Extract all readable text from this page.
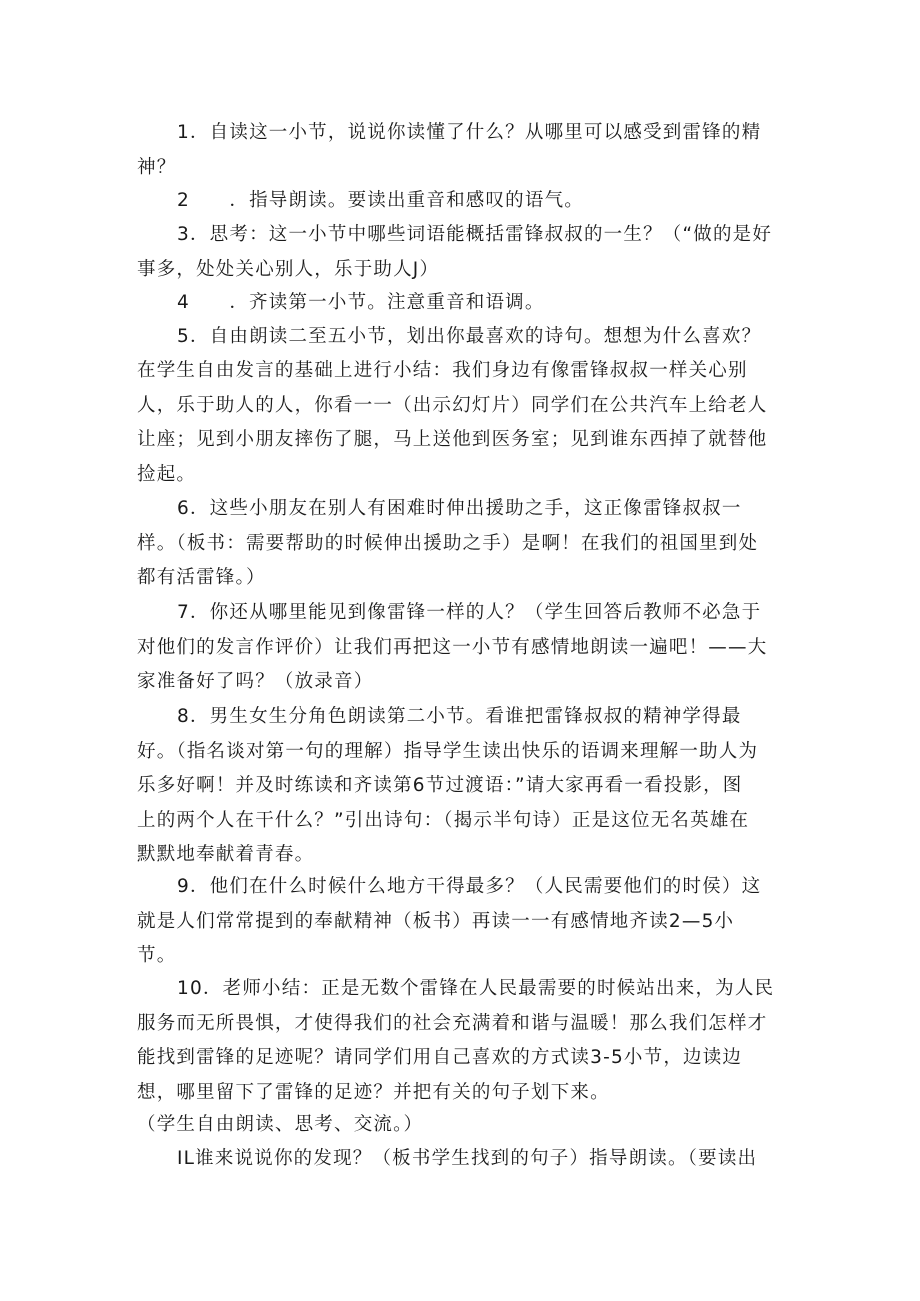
1．自读这一小节，说说你读懂了什么？从哪里可以感受到雷锋的精
神？
2　　．指导朗读。要读出重音和感叹的语气。
3．思考：这一小节中哪些词语能概括雷锋叔叔的一生？（“做的是好
事多，处处关心别人，乐于助人J）
4　　．齐读第一小节。注意重音和语调。
5．自由朗读二至五小节，划出你最喜欢的诗句。想想为什么喜欢？
在学生自由发言的基础上进行小结：我们身边有像雷锋叔叔一样关心别
人，乐于助人的人，你看一一（出示幻灯片）同学们在公共汽车上给老人
让座；见到小朋友摔伤了腿，马上送他到医务室；见到谁东西掉了就替他
捡起。
6．这些小朋友在别人有困难时伸出援助之手，这正像雷锋叔叔一
样。（板书：需要帮助的时候伸出援助之手）是啊！在我们的祖国里到处
都有活雷锋。）
7．你还从哪里能见到像雷锋一样的人？（学生回答后教师不必急于
对他们的发言作评价）让我们再把这一小节有感情地朗读一遍吧！——大
家准备好了吗？（放录音）
8．男生女生分角色朗读第二小节。看谁把雷锋叔叔的精神学得最
好。（指名谈对第一句的理解）指导学生读出快乐的语调来理解一助人为
乐多好啊！并及时练读和齐读第6节过渡语：”请大家再看一看投影，图
上的两个人在干什么？”引出诗句：（揭示半句诗）正是这位无名英雄在
默默地奉献着青春。
9．他们在什么时候什么地方干得最多？（人民需要他们的时侯）这
就是人们常常提到的奉献精神（板书）再读一一有感情地齐读2—5小
节。
10．老师小结：正是无数个雷锋在人民最需要的时候站出来，为人民
服务而无所畏惧，才使得我们的社会充满着和谐与温暖！那么我们怎样才
能找到雷锋的足迹呢？请同学们用自己喜欢的方式读3-5小节，边读边
想，哪里留下了雷锋的足迹？并把有关的句子划下来。
（学生自由朗读、思考、交流。）
IL谁来说说你的发现？（板书学生找到的句子）指导朗读。（要读出
